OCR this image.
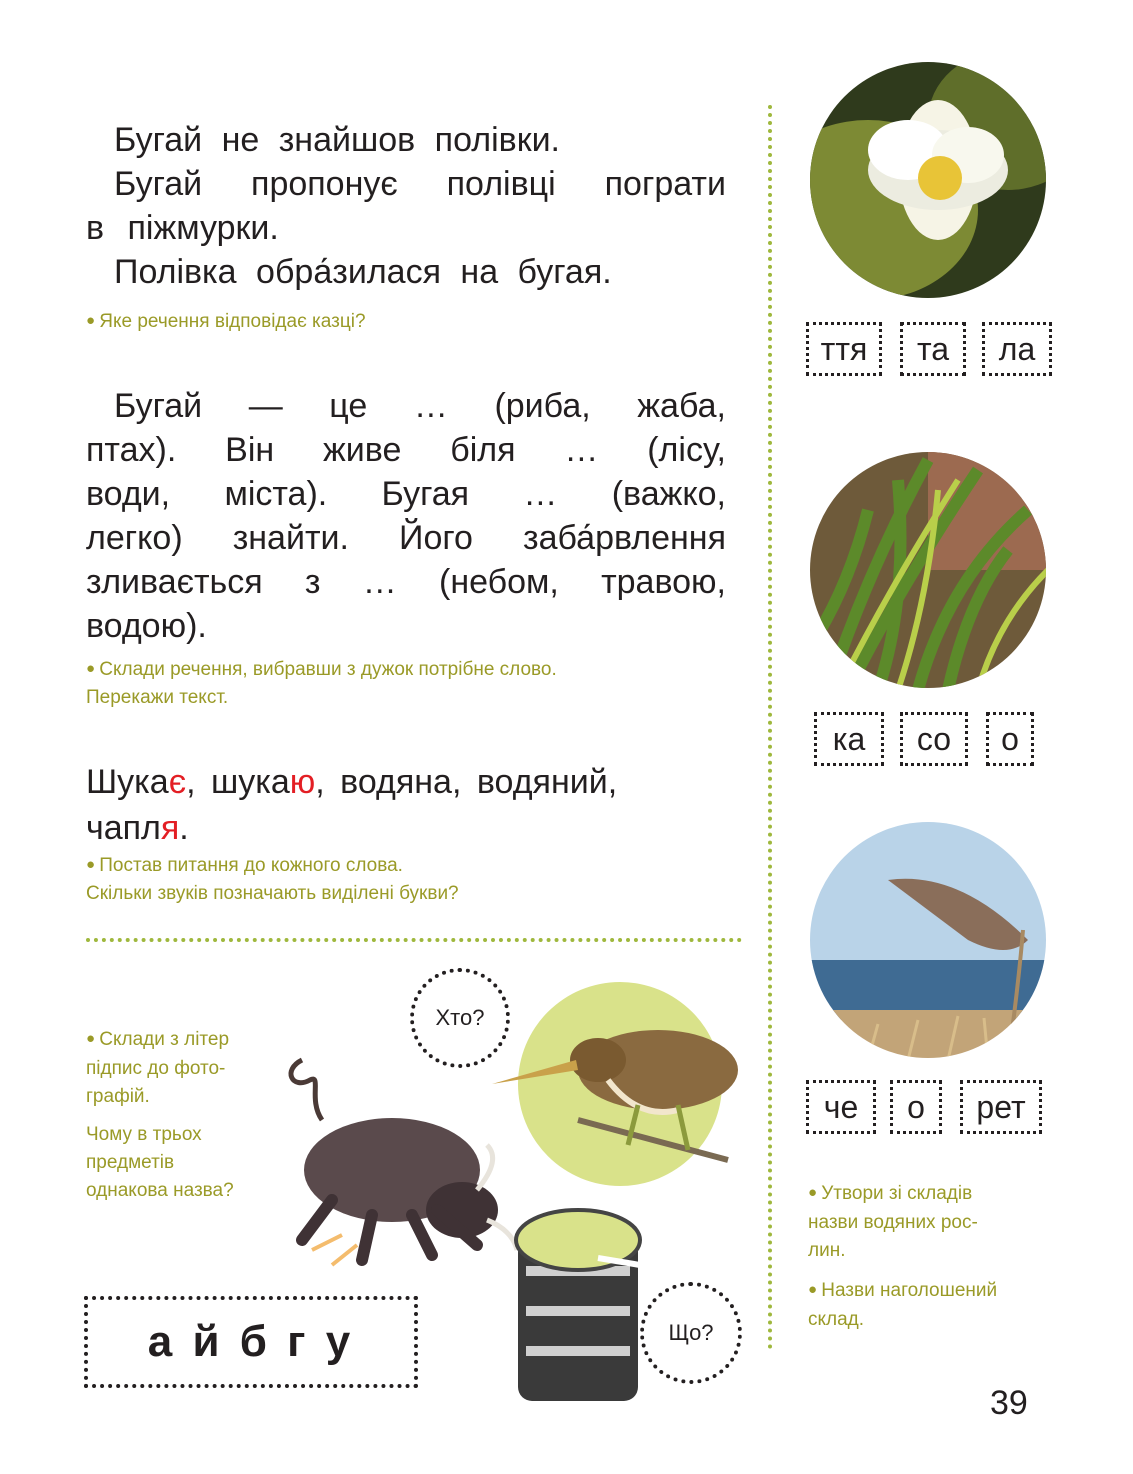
Бугай не знайшов полівки.
Бугай пропонує полівці пограти
в піжмурки.
Полівка обра́зилася на бугая.
● Яке речення відповідає казці?
Бугай — це … (риба, жаба,
птах). Він живе біля … (лісу,
води, міста). Бугая … (важко,
легко) знайти. Його заба́рвлення
зливається з … (небом, травою,
водою).
● Склади речення, вибравши з дужок потрібне слово.
Перекажи текст.
Шукає, шукаю, водяна, водяний,
чапля.
● Постав питання до кожного слова.
Скільки звуків позначають виділені букви?
● Склади з літер
підпис до фото-
графій.
Чому в трьох
предметів
однакова назва?
Хто?
Що?
а й б г у
ття	та	ла
ка	со	о
че	о	рет
● Утвори зі складів
назви водяних рос-
лин.
● Назви наголошений
склад.
39
